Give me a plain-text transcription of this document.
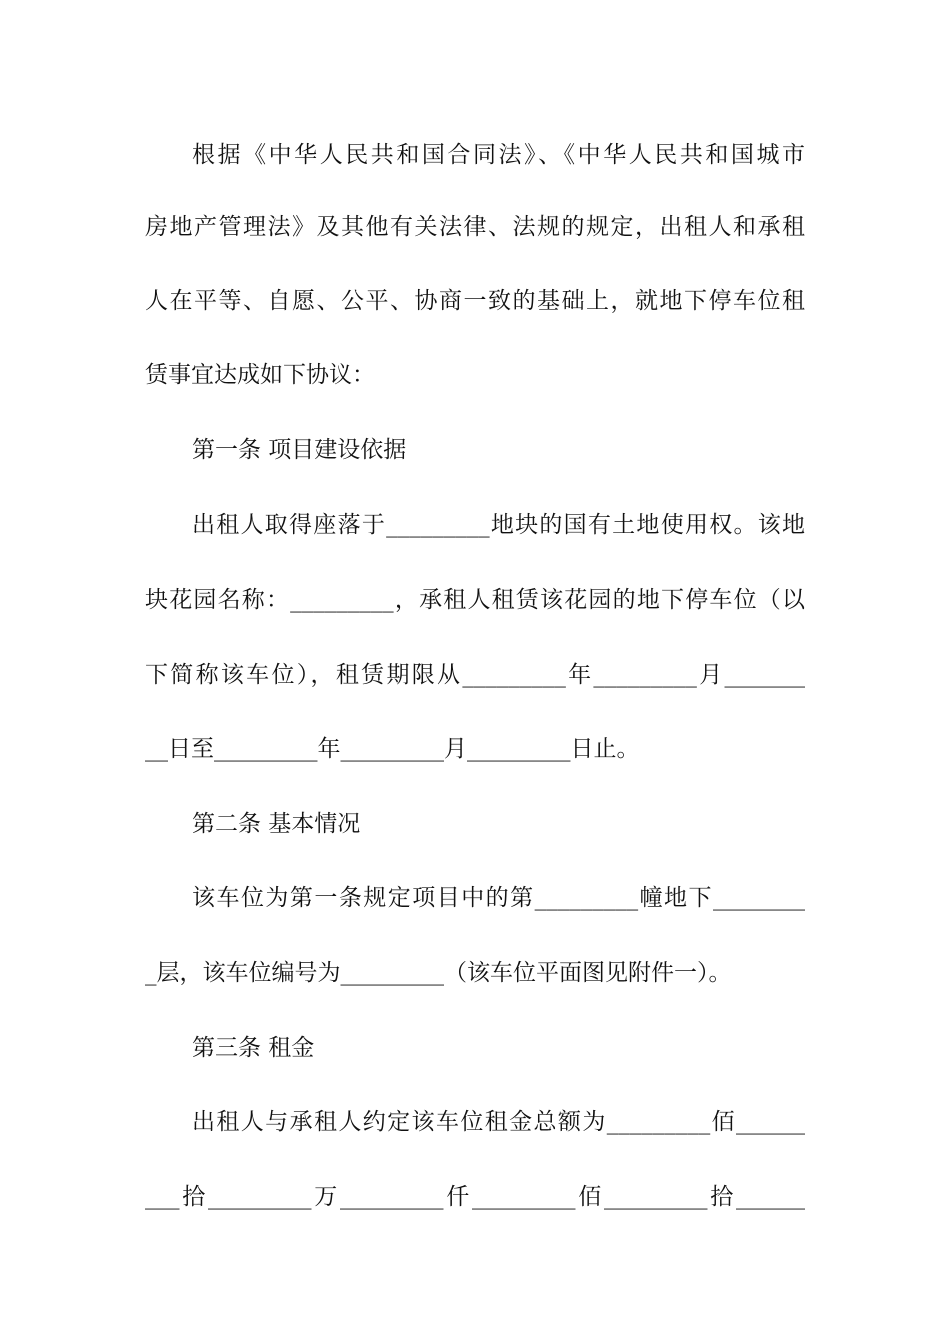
根据《中华人民共和国合同法》、《中华人民共和国城市
房地产管理法》及其他有关法律、法规的规定，出租人和承租
人在平等、自愿、公平、协商一致的基础上，就地下停车位租
赁事宜达成如下协议：
第一条 项目建设依据
出租人取得座落于_________地块的国有土地使用权。该地
块花园名称：_________，承租人租赁该花园的地下停车位（以
下简称该车位），租赁期限从_________年_________月_______
__日至_________年_________月_________日止。
第二条 基本情况
该车位为第一条规定项目中的第_________幢地下________
_层，该车位编号为_________（该车位平面图见附件一）。
第三条 租金
出租人与承租人约定该车位租金总额为_________佰______
___拾_________万_________仟_________佰_________拾______
